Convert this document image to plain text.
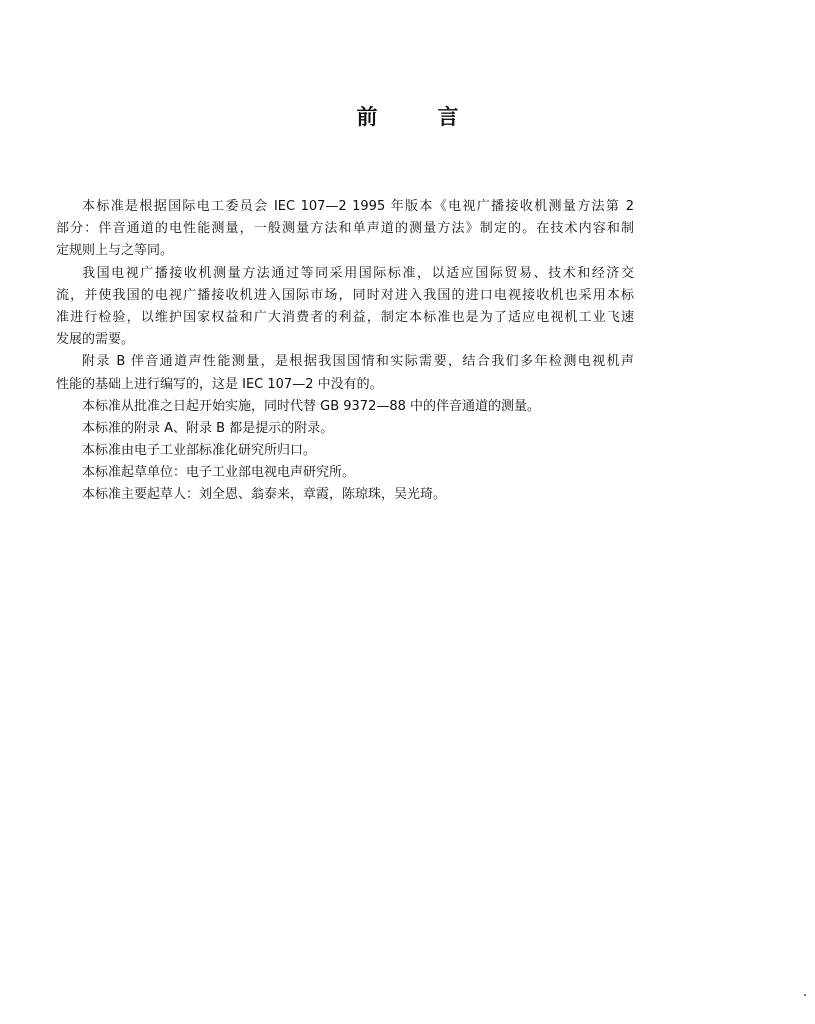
前	言
本标准是根据国际电工委员会 IEC 107—2 1995 年版本《电视广播接收机测量方法第 2
部分：伴音通道的电性能测量，一般测量方法和单声道的测量方法》制定的。在技术内容和制
定规则上与之等同。
我国电视广播接收机测量方法通过等同采用国际标准，以适应国际贸易、技术和经济交
流，并使我国的电视广播接收机进入国际市场，同时对进入我国的进口电视接收机也采用本标
准进行检验，以维护国家权益和广大消费者的利益，制定本标准也是为了适应电视机工业飞速
发展的需要。
附录 B 伴音通道声性能测量，是根据我国国情和实际需要，结合我们多年检测电视机声
性能的基础上进行编写的，这是 IEC 107—2 中没有的。
本标准从批准之日起开始实施，同时代替 GB 9372—88 中的伴音通道的测量。
本标准的附录 A、附录 B 都是提示的附录。
本标准由电子工业部标准化研究所归口。
本标准起草单位：电子工业部电视电声研究所。
本标准主要起草人：刘全恩、翁泰来，章霞，陈琼珠，吴光琦。
